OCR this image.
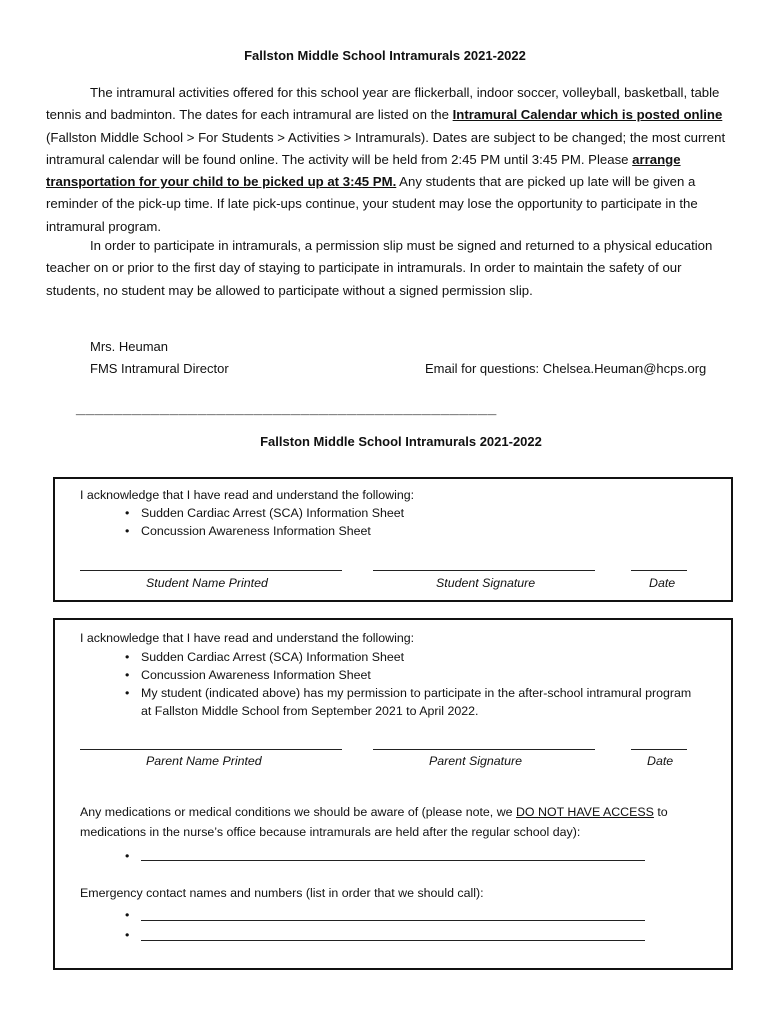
Fallston Middle School Intramurals 2021-2022
The intramural activities offered for this school year are flickerball, indoor soccer, volleyball, basketball, table tennis and badminton. The dates for each intramural are listed on the Intramural Calendar which is posted online (Fallston Middle School > For Students > Activities > Intramurals). Dates are subject to be changed; the most current intramural calendar will be found online. The activity will be held from 2:45 PM until 3:45 PM. Please arrange transportation for your child to be picked up at 3:45 PM. Any students that are picked up late will be given a reminder of the pick-up time. If late pick-ups continue, your student may lose the opportunity to participate in the intramural program.
In order to participate in intramurals, a permission slip must be signed and returned to a physical education teacher on or prior to the first day of staying to participate in intramurals. In order to maintain the safety of our students, no student may be allowed to participate without a signed permission slip.
Mrs. Heuman
FMS Intramural Director	Email for questions: Chelsea.Heuman@hcps.org
_____________________________________________
Fallston Middle School Intramurals 2021-2022
I acknowledge that I have read and understand the following:
• Sudden Cardiac Arrest (SCA) Information Sheet
• Concussion Awareness Information Sheet
Student Name Printed	Student Signature	Date
I acknowledge that I have read and understand the following:
• Sudden Cardiac Arrest (SCA) Information Sheet
• Concussion Awareness Information Sheet
• My student (indicated above) has my permission to participate in the after-school intramural program
at Fallston Middle School from September 2021 to April 2022.
Parent Name Printed	Parent Signature	Date
Any medications or medical conditions we should be aware of (please note, we DO NOT HAVE ACCESS to
medications in the nurse’s office because intramurals are held after the regular school day):
Emergency contact names and numbers (list in order that we should call):
